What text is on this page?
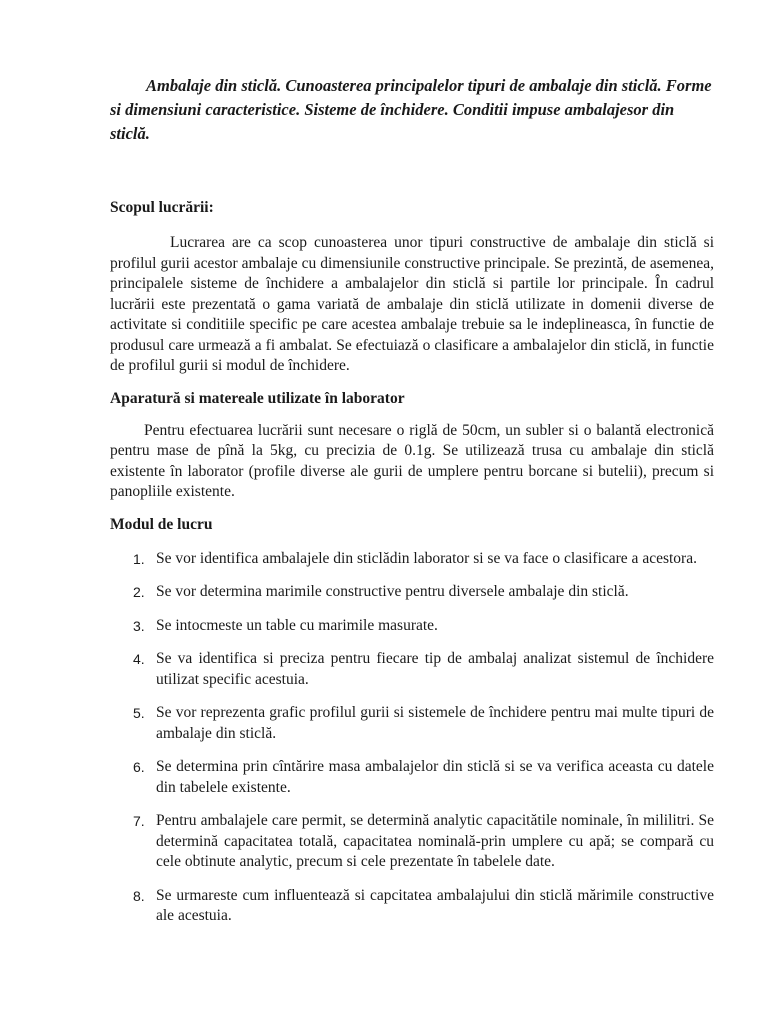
Ambalaje din sticlă. Cunoasterea principalelor tipuri de ambalaje din sticlă. Forme si dimensiuni caracteristice. Sisteme de închidere. Conditii impuse ambalajesor din sticlă.

Scopul lucrării:

Lucrarea are ca scop cunoasterea unor tipuri constructive de ambalaje din sticlă si profilul gurii acestor ambalaje cu dimensiunile constructive principale. Se prezintă, de asemenea, principalele sisteme de închidere a ambalajelor din sticlă si partile lor principale. În cadrul lucrării este prezentată o gama variată de ambalaje din sticlă utilizate in domenii diverse de activitate si conditiile specific pe care acestea ambalaje trebuie sa le indeplineasca, în functie de produsul care urmează a fi ambalat. Se efectuiază o clasificare a ambalajelor din sticlă, in functie de profilul gurii si modul de închidere.

Aparatură si matereale utilizate în laborator

Pentru efectuarea lucrării sunt necesare o riglă de 50cm, un subler si o balantă electronică pentru mase de pînă la 5kg, cu precizia de 0.1g. Se utilizează trusa cu ambalaje din sticlă existente în laborator (profile diverse ale gurii de umplere pentru borcane si butelii), precum si panopliile existente.

Modul de lucru

1. Se vor identifica ambalajele din sticlădin laborator si se va face o clasificare a acestora.
2. Se vor determina marimile constructive pentru diversele ambalaje din sticlă.
3. Se intocmeste un table cu marimile masurate.
4. Se va identifica si preciza pentru fiecare tip de ambalaj analizat sistemul de închidere utilizat specific acestuia.
5. Se vor reprezenta grafic profilul gurii si sistemele de închidere pentru mai multe tipuri de ambalaje din sticlă.
6. Se determina prin cîntărire masa ambalajelor din sticlă si se va verifica aceasta cu datele din tabelele existente.
7. Pentru ambalajele care permit, se determină analytic capacitătile nominale, în mililitri. Se determină capacitatea totală, capacitatea nominală-prin umplere cu apă; se compară cu cele obtinute analytic, precum si cele prezentate în tabelele date.
8. Se urmareste cum influentează si capcitatea ambalajului din sticlă mărimile constructive ale acestuia.
